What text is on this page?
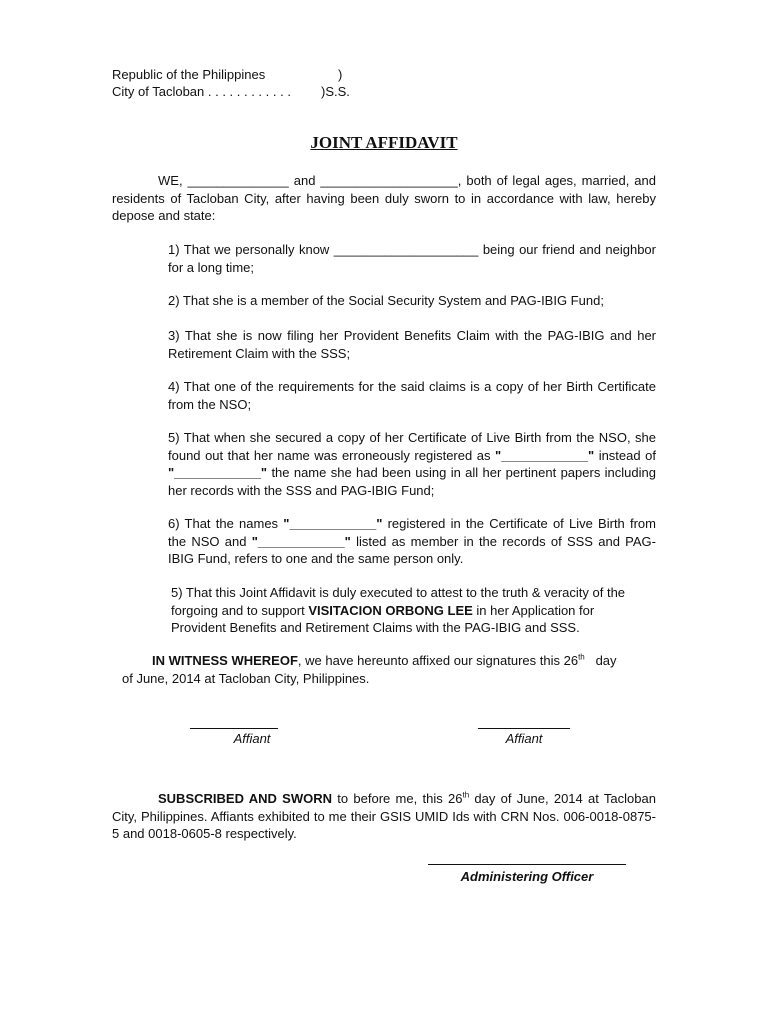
Republic of the Philippines	)
City of Tacloban . . . . . . . . . . . . )S.S.
JOINT AFFIDAVIT
WE, ______________ and ___________________, both of legal ages, married, and residents of Tacloban City, after having been duly sworn to in accordance with law, hereby depose and state:
1) That we personally know ____________________ being our friend and neighbor for a long time;
2) That she is a member of the Social Security System and PAG-IBIG Fund;
3) That she is now filing her Provident Benefits Claim with the PAG-IBIG and her Retirement Claim with the SSS;
4) That one of the requirements for the said claims is a copy of her Birth Certificate from the NSO;
5) That when she secured a copy of her Certificate of Live Birth from the NSO, she found out that her name was erroneously registered as "____________" instead of "____________" the name she had been using in all her pertinent papers including her records with the SSS and PAG-IBIG Fund;
6) That the names "____________" registered in the Certificate of Live Birth from the NSO and "____________" listed as member in the records of SSS and PAG-IBIG Fund, refers to one and the same person only.
5) That this Joint Affidavit is duly executed to attest to the truth & veracity of the forgoing and to support VISITACION ORBONG LEE in her Application for Provident Benefits and Retirement Claims with the PAG-IBIG and SSS.
IN WITNESS WHEREOF, we have hereunto affixed our signatures this 26th day
of June, 2014 at Tacloban City, Philippines.
Affiant	Affiant
SUBSCRIBED AND SWORN to before me, this 26th day of June, 2014 at Tacloban City, Philippines. Affiants exhibited to me their GSIS UMID Ids with CRN Nos. 006-0018-0875-5 and 0018-0605-8 respectively.
Administering Officer
